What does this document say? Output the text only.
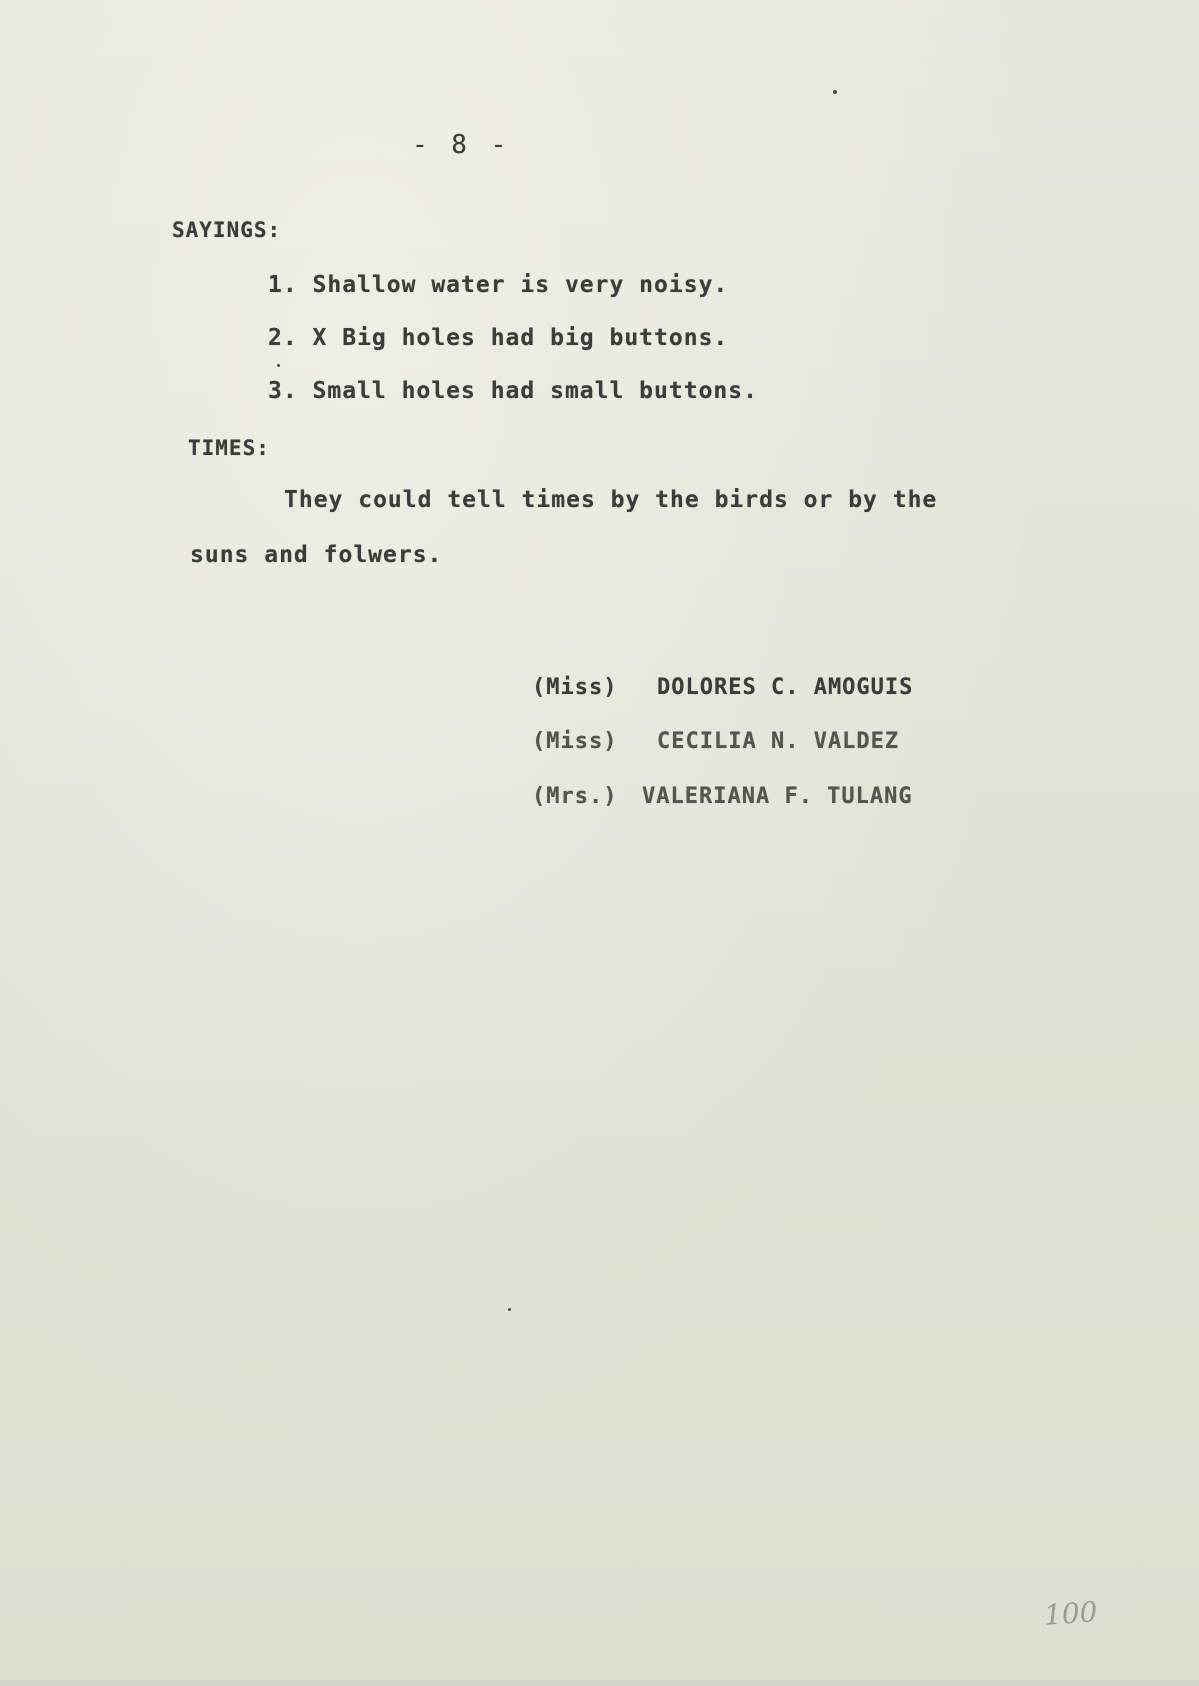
- 8 -
SAYINGS:
1. Shallow water is very noisy.
2. X Big holes had big buttons.
3. Small holes had small buttons.
TIMES:
They could tell times by the birds or by the
suns and folwers.
(Miss) DOLORES C. AMOGUIS
(Miss) CECILIA N. VALDEZ
(Mrs.) VALERIANA F. TULANG
100
